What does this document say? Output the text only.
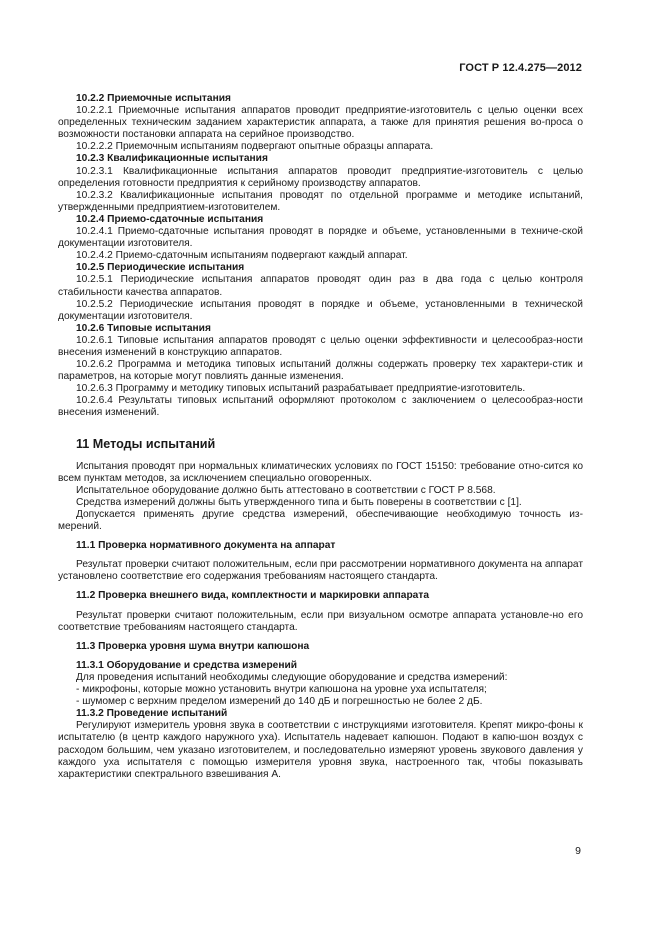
ГОСТ Р 12.4.275—2012
10.2.2 Приемочные испытания

10.2.2.1 Приемочные испытания аппаратов проводит предприятие-изготовитель с целью оценки всех определенных техническим заданием характеристик аппарата, а также для принятия решения во-проса о возможности постановки аппарата на серийное производство.

10.2.2.2 Приемочным испытаниям подвергают опытные образцы аппарата.

10.2.3 Квалификационные испытания

10.2.3.1 Квалификационные испытания аппаратов проводит предприятие-изготовитель с целью определения готовности предприятия к серийному производству аппаратов.

10.2.3.2 Квалификационные испытания проводят по отдельной программе и методике испытаний, утвержденными предприятием-изготовителем.

10.2.4 Приемо-сдаточные испытания

10.2.4.1 Приемо-сдаточные испытания проводят в порядке и объеме, установленными в техниче-ской документации изготовителя.

10.2.4.2 Приемо-сдаточным испытаниям подвергают каждый аппарат.

10.2.5 Периодические испытания

10.2.5.1 Периодические испытания аппаратов проводят один раз в два года с целью контроля стабильности качества аппаратов.

10.2.5.2 Периодические испытания проводят в порядке и объеме, установленными в технической документации изготовителя.

10.2.6 Типовые испытания

10.2.6.1 Типовые испытания аппаратов проводят с целью оценки эффективности и целесообраз-ности внесения изменений в конструкцию аппаратов.

10.2.6.2 Программа и методика типовых испытаний должны содержать проверку тех характери-стик и параметров, на которые могут повлиять данные изменения.

10.2.6.3 Программу и методику типовых испытаний разрабатывает предприятие-изготовитель.

10.2.6.4 Результаты типовых испытаний оформляют протоколом с заключением о целесообраз-ности внесения изменений.

11 Методы испытаний

Испытания проводят при нормальных климатических условиях по ГОСТ 15150: требование отно-сится ко всем пунктам методов, за исключением специально оговоренных.

Испытательное оборудование должно быть аттестовано в соответствии с ГОСТ Р 8.568.

Средства измерений должны быть утвержденного типа и быть поверены в соответствии с [1].

Допускается применять другие средства измерений, обеспечивающие необходимую точность из-мерений.

11.1 Проверка нормативного документа на аппарат

Результат проверки считают положительным, если при рассмотрении нормативного документа на аппарат установлено соответствие его содержания требованиям настоящего стандарта.

11.2 Проверка внешнего вида, комплектности и маркировки аппарата

Результат проверки считают положительным, если при визуальном осмотре аппарата установле-но его соответствие требованиям настоящего стандарта.

11.3 Проверка уровня шума внутри капюшона
11.3.1 Оборудование и средства измерений

Для проведения испытаний необходимы следующие оборудование и средства измерений:

- микрофоны, которые можно установить внутри капюшона на уровне уха испытателя;
- шумомер с верхним пределом измерений до 140 дБ и погрешностью не более 2 дБ.
11.3.2 Проведение испытаний

Регулируют измеритель уровня звука в соответствии с инструкциями изготовителя. Крепят микро-фоны к испытателю (в центр каждого наружного уха). Испытатель надевает капюшон. Подают в капю-шон воздух с расходом большим, чем указано изготовителем, и последовательно измеряют уровень звукового давления у каждого уха испытателя с помощью измерителя уровня звука, настроенного так, чтобы показывать характеристики спектрального взвешивания А.

9
